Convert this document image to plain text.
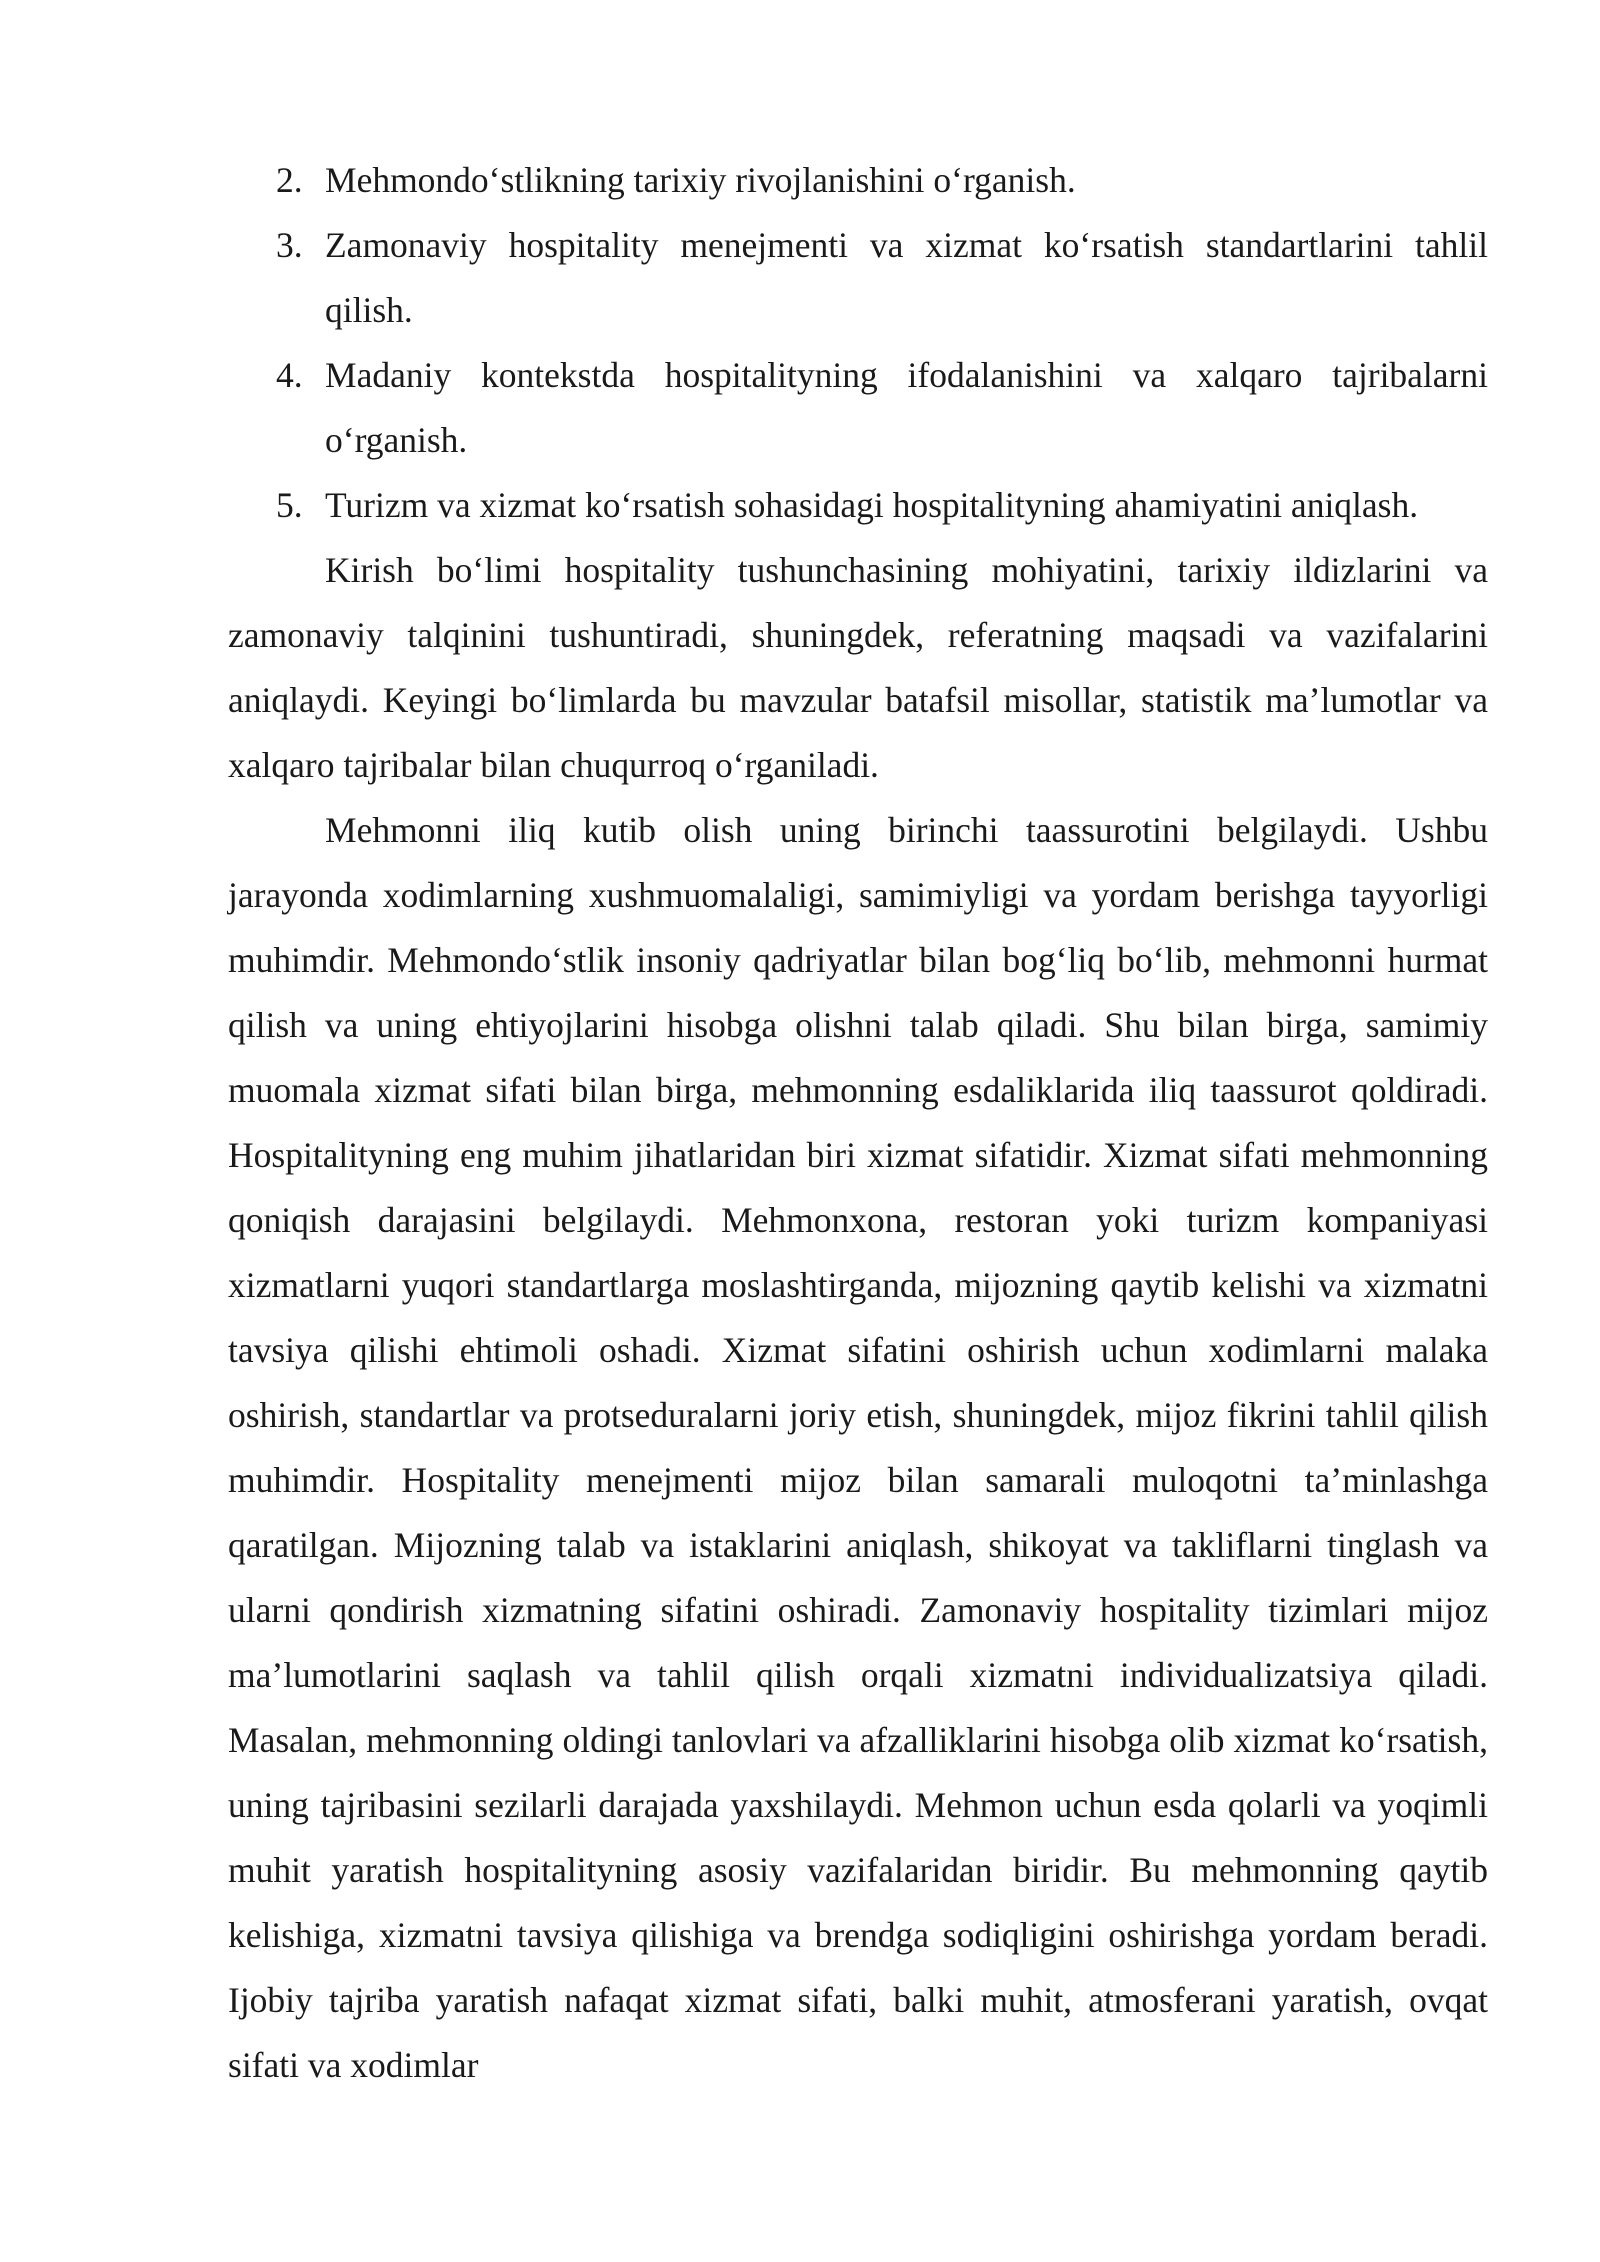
2. Mehmondo‘stlikning tarixiy rivojlanishini o‘rganish.
3. Zamonaviy hospitality menejmenti va xizmat ko‘rsatish standartlarini tahlil qilish.
4. Madaniy kontekstda hospitalityning ifodalanishini va xalqaro tajribalarni o‘rganish.
5. Turizm va xizmat ko‘rsatish sohasidagi hospitalityning ahamiyatini aniqlash.

Kirish bo‘limi hospitality tushunchasining mohiyatini, tarixiy ildizlarini va zamonaviy talqinini tushuntiradi, shuningdek, referatning maqsadi va vazifalarini aniqlaydi. Keyingi bo‘limlarda bu mavzular batafsil misollar, statistik ma’lumotlar va xalqaro tajribalar bilan chuqurroq o‘rganiladi.

Mehmonni iliq kutib olish uning birinchi taassurotini belgilaydi. Ushbu jarayonda xodimlarning xushmuomalaligi, samimiyligi va yordam berishga tayyorligi muhimdir. Mehmondo‘stlik insoniy qadriyatlar bilan bog‘liq bo‘lib, mehmonni hurmat qilish va uning ehtiyojlarini hisobga olishni talab qiladi. Shu bilan birga, samimiy muomala xizmat sifati bilan birga, mehmonning esdaliklarida iliq taassurot qoldiradi. Hospitalityning eng muhim jihatlaridan biri xizmat sifatidir. Xizmat sifati mehmonning qoniqish darajasini belgilaydi. Mehmonxona, restoran yoki turizm kompaniyasi xizmatlarni yuqori standartlarga moslashtirganda, mijozning qaytib kelishi va xizmatni tavsiya qilishi ehtimoli oshadi. Xizmat sifatini oshirish uchun xodimlarni malaka oshirish, standartlar va protseduralarni joriy etish, shuningdek, mijoz fikrini tahlil qilish muhimdir. Hospitality menejmenti mijoz bilan samarali muloqotni ta’minlashga qaratilgan. Mijozning talab va istaklarini aniqlash, shikoyat va takliflarni tinglash va ularni qondirish xizmatning sifatini oshiradi. Zamonaviy hospitality tizimlari mijoz ma’lumotlarini saqlash va tahlil qilish orqali xizmatni individualizatsiya qiladi. Masalan, mehmonning oldingi tanlovlari va afzalliklarini hisobga olib xizmat ko‘rsatish, uning tajribasini sezilarli darajada yaxshilaydi. Mehmon uchun esda qolarli va yoqimli muhit yaratish hospitalityning asosiy vazifalaridan biridir. Bu mehmonning qaytib kelishiga, xizmatni tavsiya qilishiga va brendga sodiqligini oshirishga yordam beradi. Ijobiy tajriba yaratish nafaqat xizmat sifati, balki muhit, atmosferani yaratish, ovqat sifati va xodimlar
